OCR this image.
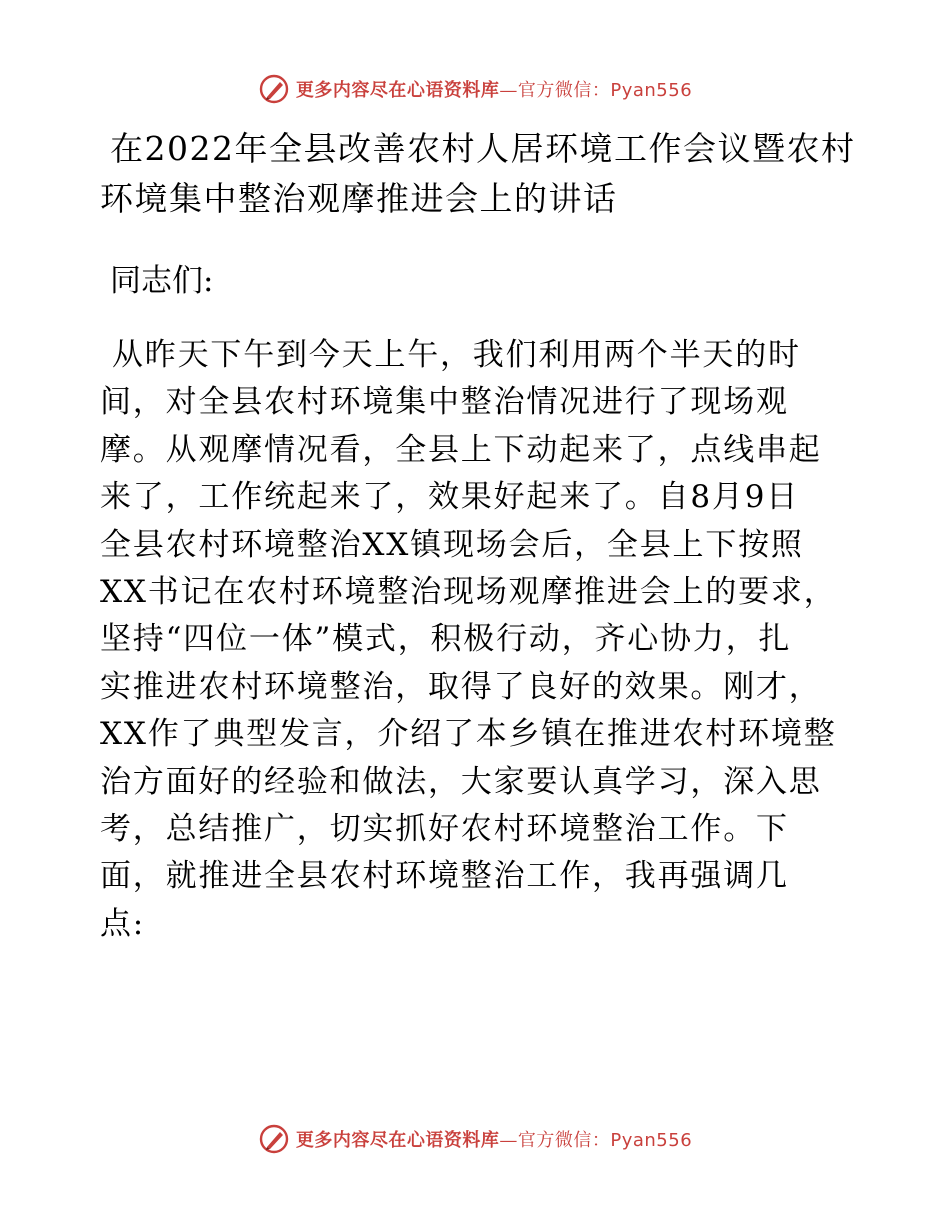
更多内容尽在心语资料库—官方微信：Pyan556
在2022年全县改善农村人居环境工作会议暨农村
环境集中整治观摩推进会上的讲话

同志们:

从昨天下午到今天上午，我们利用两个半天的时
间，对全县农村环境集中整治情况进行了现场观
摩。从观摩情况看，全县上下动起来了，点线串起
来了，工作统起来了，效果好起来了。自8月9日
全县农村环境整治XX镇现场会后，全县上下按照
XX书记在农村环境整治现场观摩推进会上的要求，
坚持“四位一体”模式，积极行动，齐心协力，扎
实推进农村环境整治，取得了良好的效果。刚才，
XX作了典型发言，介绍了本乡镇在推进农村环境整
治方面好的经验和做法，大家要认真学习，深入思
考，总结推广，切实抓好农村环境整治工作。下
面，就推进全县农村环境整治工作，我再强调几
点:
更多内容尽在心语资料库—官方微信：Pyan556
